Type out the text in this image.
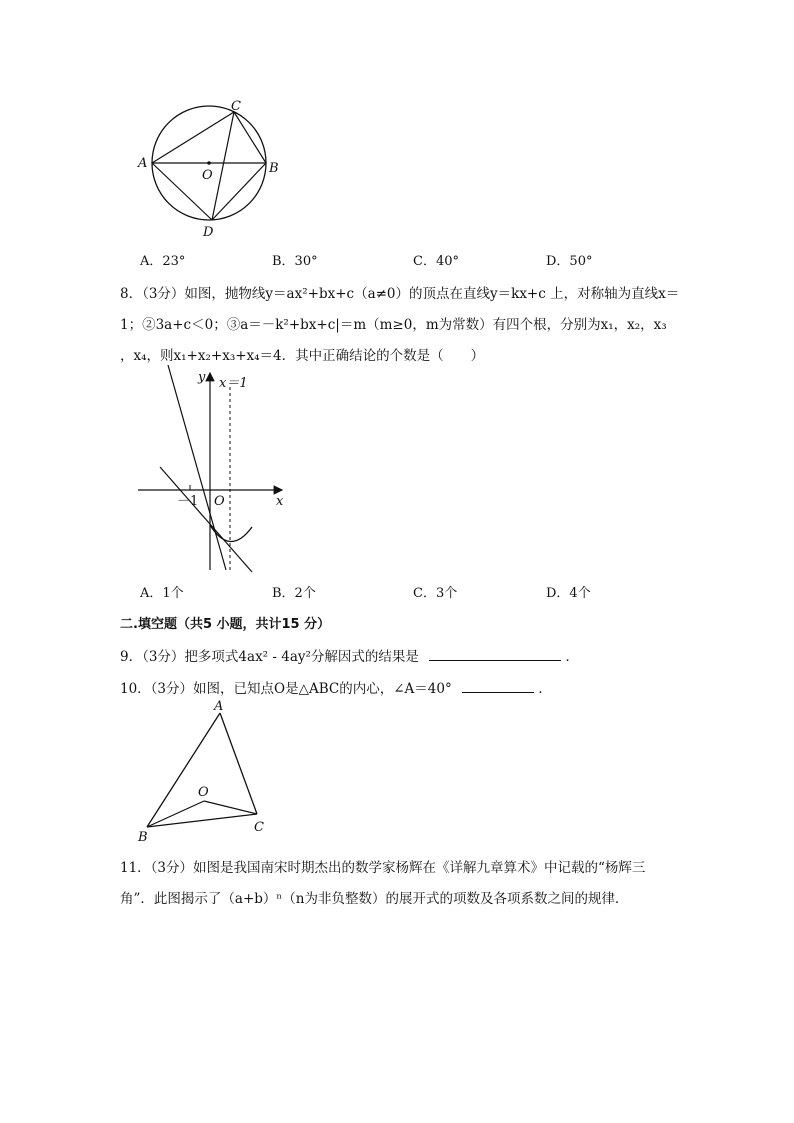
A	B
C
D
O
A．23°	B．30°	C．40°	D．50°
8．（3分）如图，抛物线y＝ax²+bx+c（a≠0）的顶点在直线y＝kx+c 上，对称轴为直线x＝
1；②3a+c＜0；③a＝－k²+bx+c|＝m（m≥0，m为常数）有四个根，分别为x₁，x₂，x₃
，x₄，则x₁+x₂+x₃+x₄＝4．其中正确结论的个数是（　　）
y x＝1
x
－1 O
A．1个	B．2个	C．3个	D．4个
二.填空题（共5 小题，共计15 分）
9．（3分）把多项式4ax² - 4ay²分解因式的结果是	．
10．（3分）如图，已知点O是△ABC的内心，∠A＝40°	．
A
B
C
O
11．（3分）如图是我国南宋时期杰出的数学家杨辉在《详解九章算术》中记载的“杨辉三
角”．此图揭示了（a+b）ⁿ（n为非负整数）的展开式的项数及各项系数之间的规律．
